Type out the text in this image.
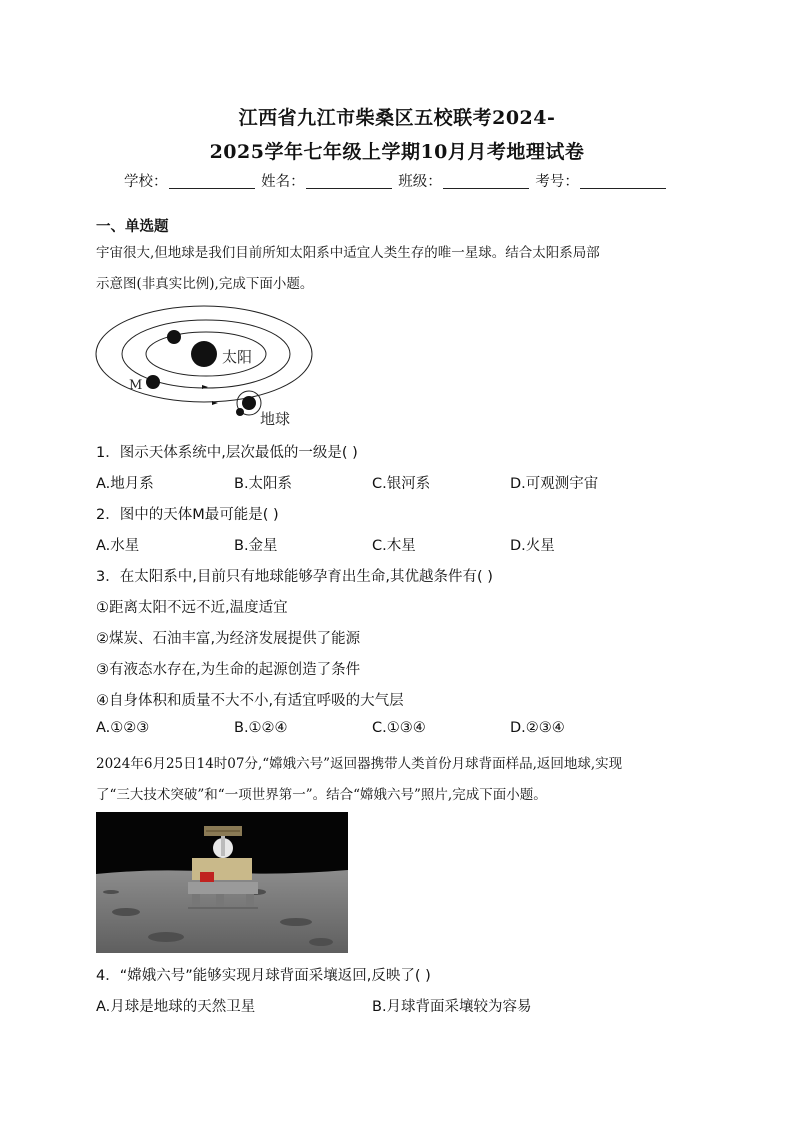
江西省九江市柴桑区五校联考2024-
2025学年七年级上学期10月月考地理试卷
学校：	姓名：	班级：	考号：
一、单选题
宇宙很大,但地球是我们目前所知太阳系中适宜人类生存的唯一星球。结合太阳系局部
示意图(非真实比例),完成下面小题。
太阳
M
地球
1．图示天体系统中,层次最低的一级是( )
A.地月系	B.太阳系	C.银河系	D.可观测宇宙
2．图中的天体M最可能是( )
A.水星	B.金星	C.木星	D.火星
3．在太阳系中,目前只有地球能够孕育出生命,其优越条件有( )
①距离太阳不远不近,温度适宜
②煤炭、石油丰富,为经济发展提供了能源
③有液态水存在,为生命的起源创造了条件
④自身体积和质量不大不小,有适宜呼吸的大气层
A.①②③	B.①②④	C.①③④	D.②③④
2024年6月25日14时07分,“嫦娥六号”返回器携带人类首份月球背面样品,返回地球,实现
了“三大技术突破”和“一项世界第一”。结合“嫦娥六号”照片,完成下面小题。
4．“嫦娥六号”能够实现月球背面采壤返回,反映了( )
A.月球是地球的天然卫星	B.月球背面采壤较为容易
